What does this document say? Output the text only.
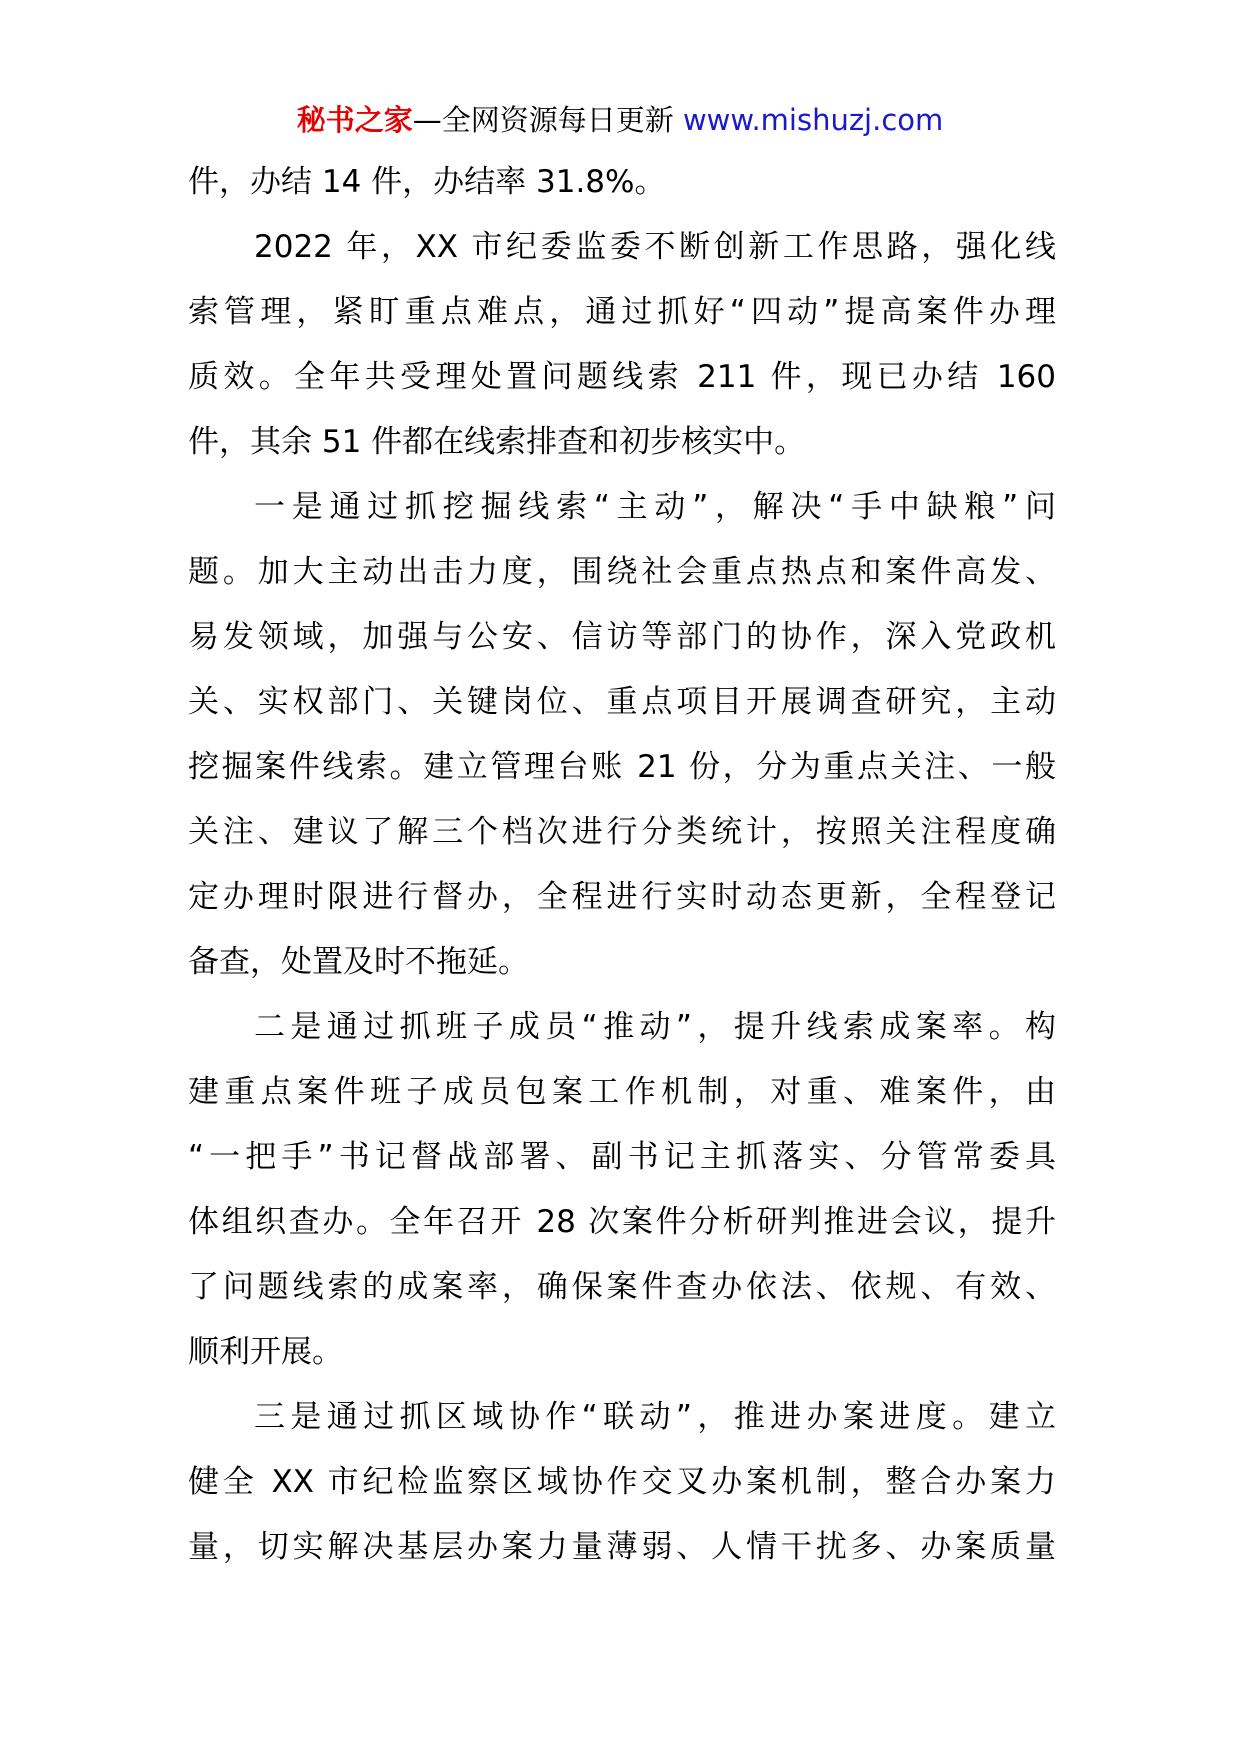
秘书之家—全网资源每日更新 www.mishuzj.com
件，办结 14 件，办结率 31.8%。
2022 年，XX 市纪委监委不断创新工作思路，强化线
索管理，紧盯重点难点，通过抓好“四动”提高案件办理
质效。全年共受理处置问题线索 211 件，现已办结 160
件，其余 51 件都在线索排查和初步核实中。
一是通过抓挖掘线索“主动”，解决“手中缺粮”问
题。加大主动出击力度，围绕社会重点热点和案件高发、
易发领域，加强与公安、信访等部门的协作，深入党政机
关、实权部门、关键岗位、重点项目开展调查研究，主动
挖掘案件线索。建立管理台账 21 份，分为重点关注、一般
关注、建议了解三个档次进行分类统计，按照关注程度确
定办理时限进行督办，全程进行实时动态更新，全程登记
备查，处置及时不拖延。
二是通过抓班子成员“推动”，提升线索成案率。构
建重点案件班子成员包案工作机制，对重、难案件，由
“一把手”书记督战部署、副书记主抓落实、分管常委具
体组织查办。全年召开 28 次案件分析研判推进会议，提升
了问题线索的成案率，确保案件查办依法、依规、有效、
顺利开展。
三是通过抓区域协作“联动”，推进办案进度。建立
健全 XX 市纪检监察区域协作交叉办案机制，整合办案力
量，切实解决基层办案力量薄弱、人情干扰多、办案质量
